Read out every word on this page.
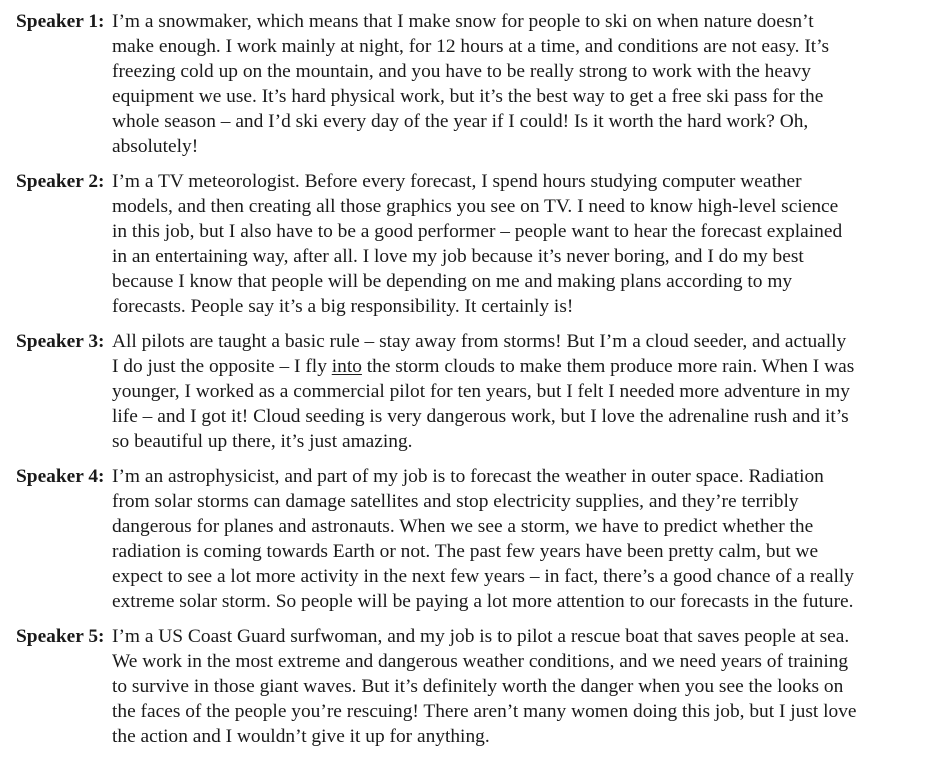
Speaker 1: I’m a snowmaker, which means that I make snow for people to ski on when nature doesn’t
make enough. I work mainly at night, for 12 hours at a time, and conditions are not easy. It’s
freezing cold up on the mountain, and you have to be really strong to work with the heavy
equipment we use. It’s hard physical work, but it’s the best way to get a free ski pass for the
whole season – and I’d ski every day of the year if I could! Is it worth the hard work? Oh,
absolutely!
Speaker 2: I’m a TV meteorologist. Before every forecast, I spend hours studying computer weather
models, and then creating all those graphics you see on TV. I need to know high-level science
in this job, but I also have to be a good performer – people want to hear the forecast explained
in an entertaining way, after all. I love my job because it’s never boring, and I do my best
because I know that people will be depending on me and making plans according to my
forecasts. People say it’s a big responsibility. It certainly is!
Speaker 3: All pilots are taught a basic rule – stay away from storms! But I’m a cloud seeder, and actually
I do just the opposite – I fly into the storm clouds to make them produce more rain. When I was
younger, I worked as a commercial pilot for ten years, but I felt I needed more adventure in my
life – and I got it! Cloud seeding is very dangerous work, but I love the adrenaline rush and it’s
so beautiful up there, it’s just amazing.
Speaker 4: I’m an astrophysicist, and part of my job is to forecast the weather in outer space. Radiation
from solar storms can damage satellites and stop electricity supplies, and they’re terribly
dangerous for planes and astronauts. When we see a storm, we have to predict whether the
radiation is coming towards Earth or not. The past few years have been pretty calm, but we
expect to see a lot more activity in the next few years – in fact, there’s a good chance of a really
extreme solar storm. So people will be paying a lot more attention to our forecasts in the future.
Speaker 5: I’m a US Coast Guard surfwoman, and my job is to pilot a rescue boat that saves people at sea.
We work in the most extreme and dangerous weather conditions, and we need years of training
to survive in those giant waves. But it’s definitely worth the danger when you see the looks on
the faces of the people you’re rescuing! There aren’t many women doing this job, but I just love
the action and I wouldn’t give it up for anything.
